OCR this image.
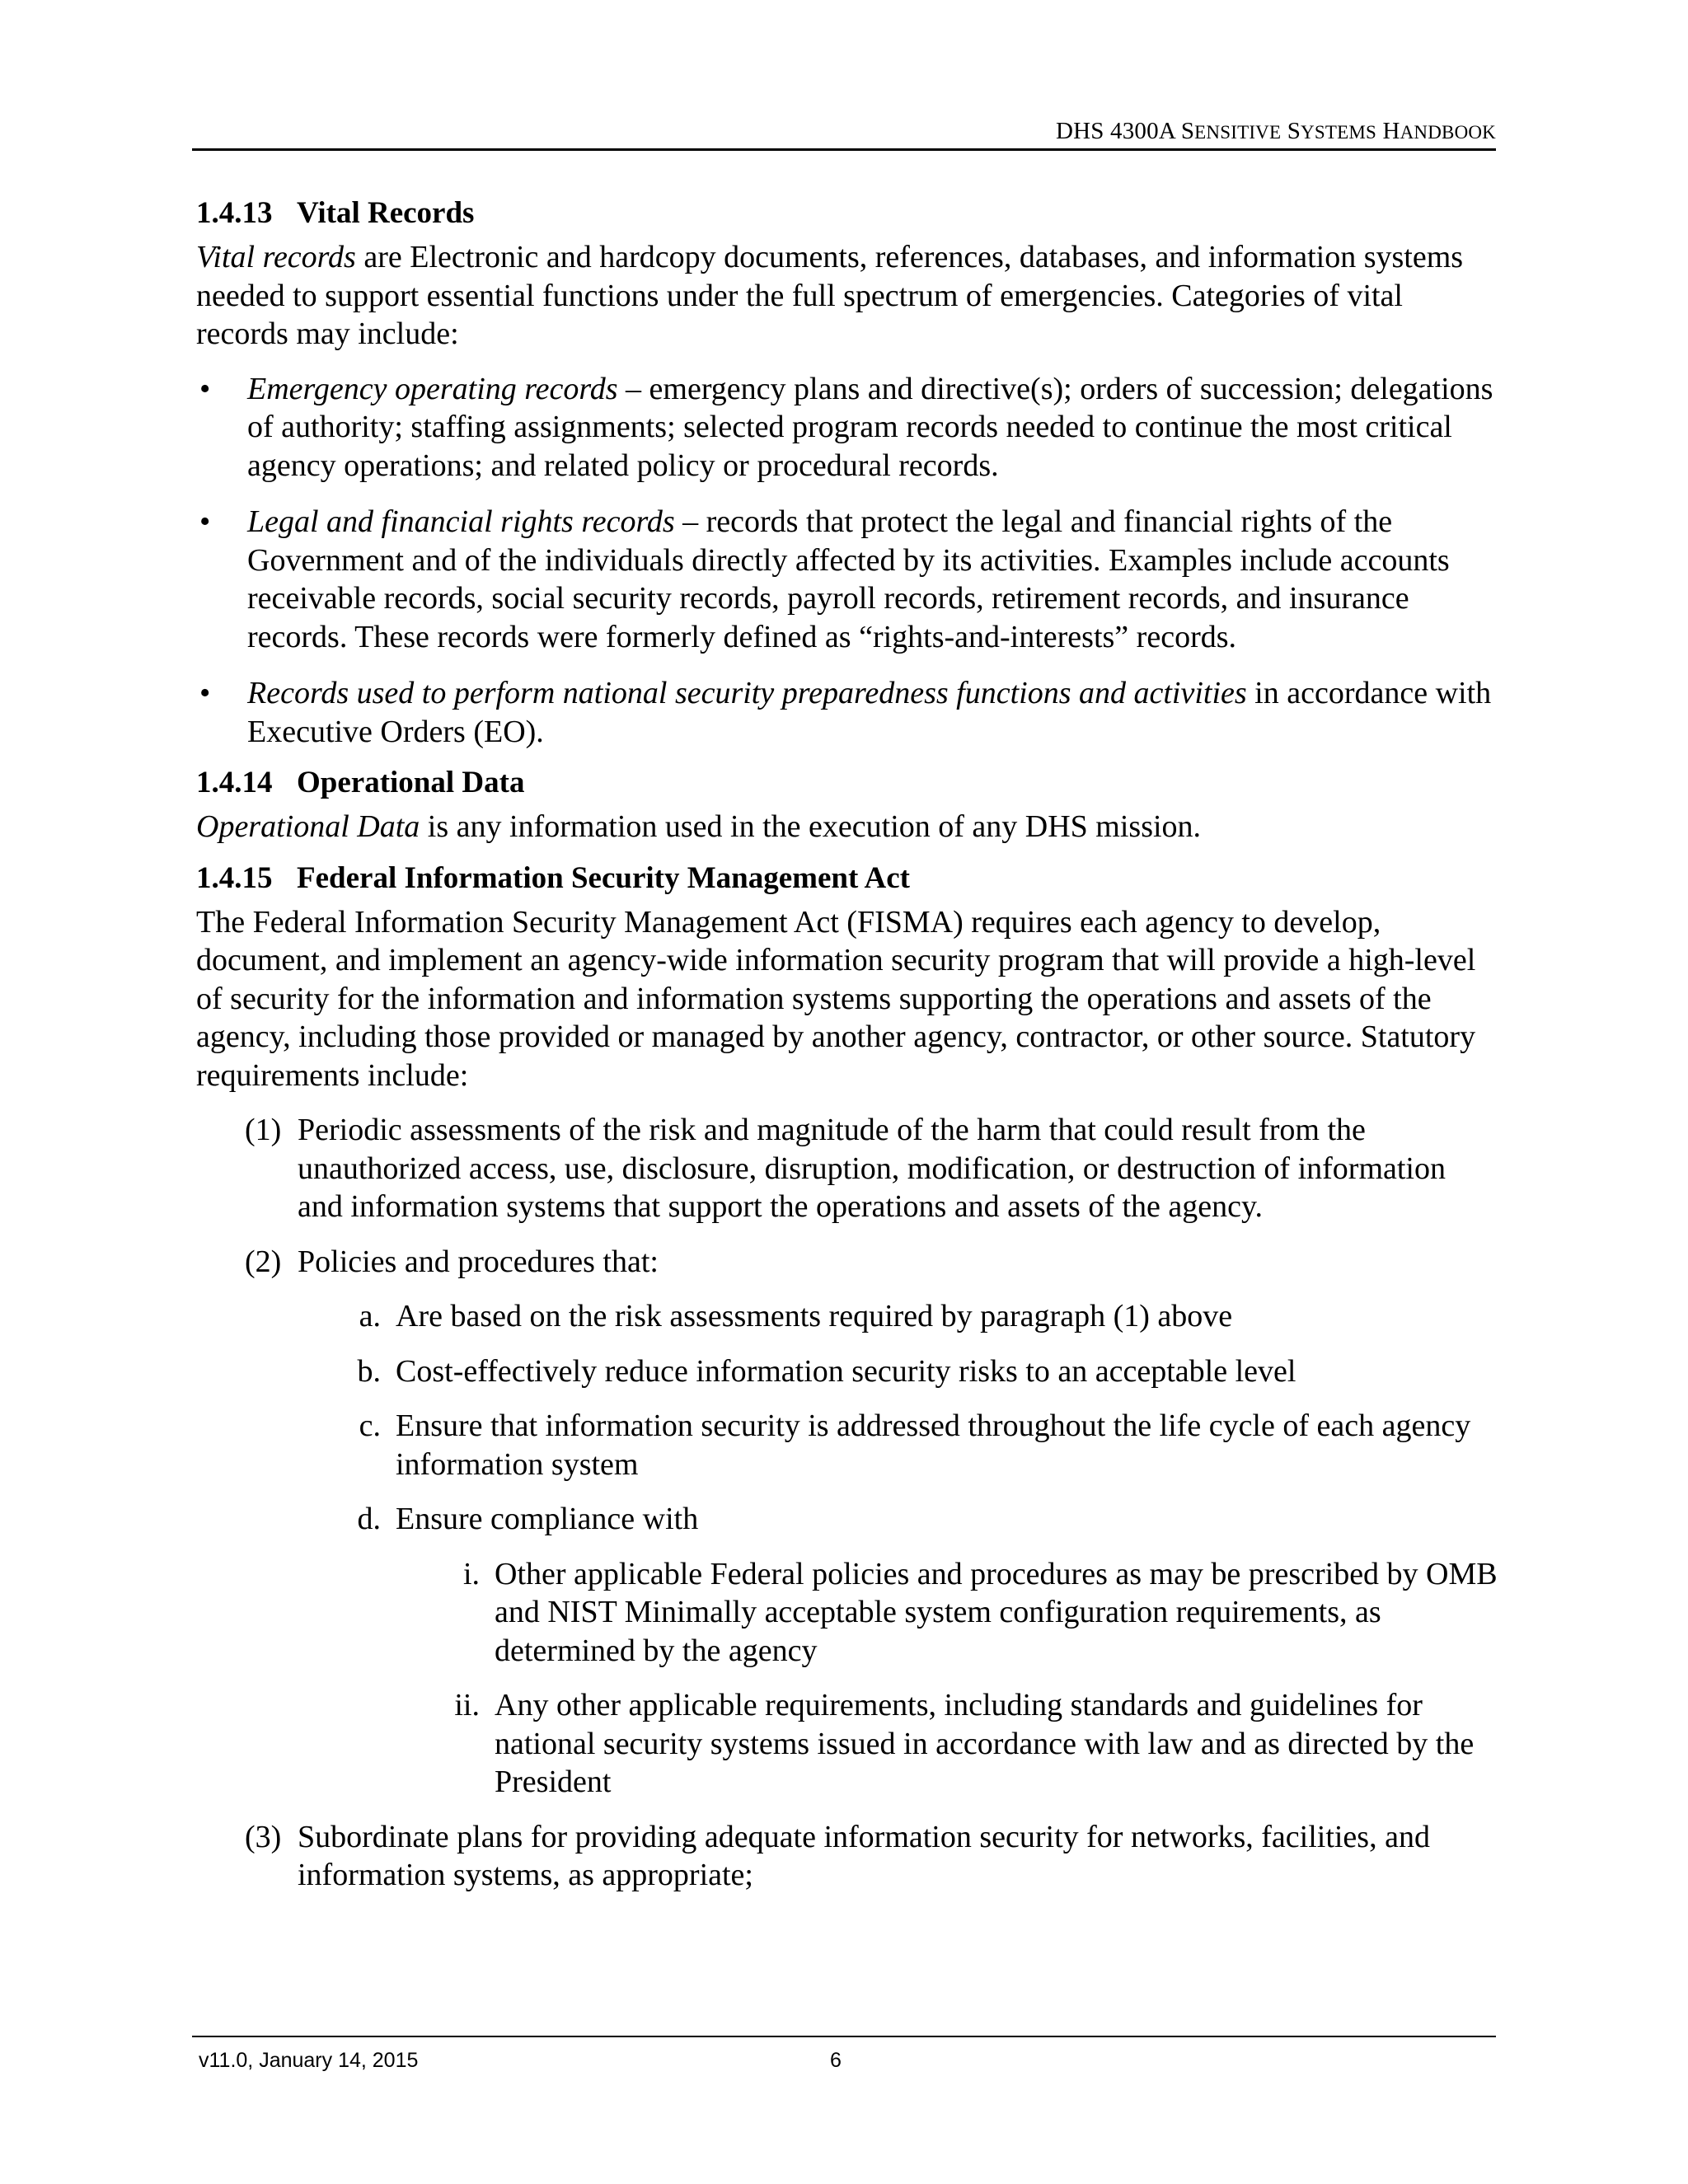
DHS 4300A SENSITIVE SYSTEMS HANDBOOK
1.4.13 Vital Records

Vital records are Electronic and hardcopy documents, references, databases, and information systems needed to support essential functions under the full spectrum of emergencies. Categories of vital records may include:

• Emergency operating records – emergency plans and directive(s); orders of succession; delegations of authority; staffing assignments; selected program records needed to continue the most critical agency operations; and related policy or procedural records.
• Legal and financial rights records – records that protect the legal and financial rights of the Government and of the individuals directly affected by its activities. Examples include accounts receivable records, social security records, payroll records, retirement records, and insurance records. These records were formerly defined as “rights-and-interests” records.
• Records used to perform national security preparedness functions and activities in accordance with Executive Orders (EO).
1.4.14 Operational Data

Operational Data is any information used in the execution of any DHS mission.

1.4.15 Federal Information Security Management Act

The Federal Information Security Management Act (FISMA) requires each agency to develop, document, and implement an agency-wide information security program that will provide a high-level of security for the information and information systems supporting the operations and assets of the agency, including those provided or managed by another agency, contractor, or other source. Statutory requirements include:

(1) Periodic assessments of the risk and magnitude of the harm that could result from the unauthorized access, use, disclosure, disruption, modification, or destruction of information and information systems that support the operations and assets of the agency.
(2) Policies and procedures that:
a. Are based on the risk assessments required by paragraph (1) above
b. Cost-effectively reduce information security risks to an acceptable level
c. Ensure that information security is addressed throughout the life cycle of each agency information system
d. Ensure compliance with
i. Other applicable Federal policies and procedures as may be prescribed by OMB and NIST Minimally acceptable system configuration requirements, as determined by the agency
ii. Any other applicable requirements, including standards and guidelines for national security systems issued in accordance with law and as directed by the President
(3) Subordinate plans for providing adequate information security for networks, facilities, and information systems, as appropriate;
v11.0, January 14, 2015	6
